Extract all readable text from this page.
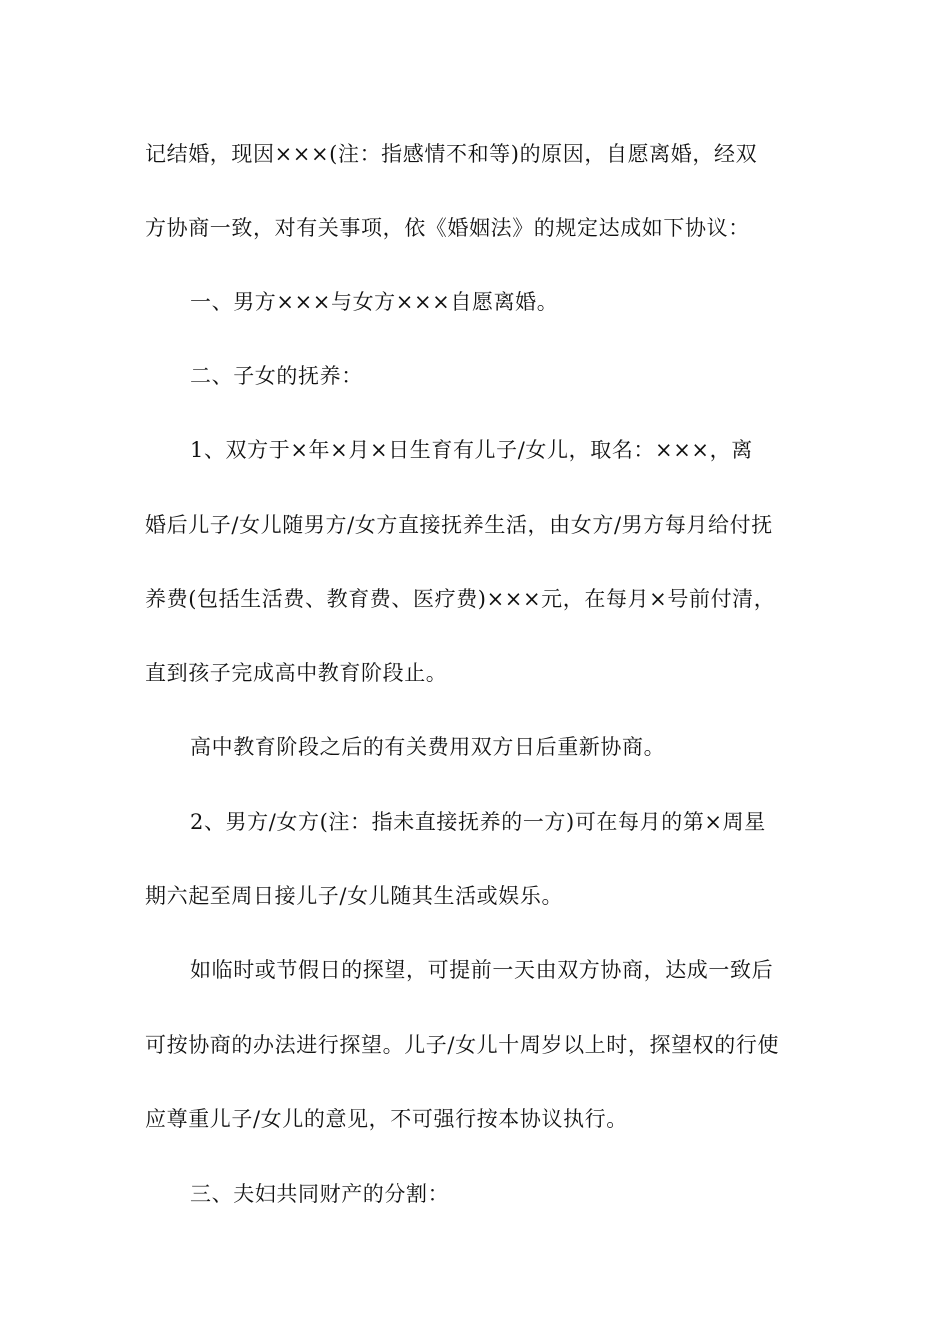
记结婚，现因×××(注：指感情不和等)的原因，自愿离婚，经双
方协商一致，对有关事项，依《婚姻法》的规定达成如下协议：
一、男方×××与女方×××自愿离婚。
二、子女的抚养：
1、双方于×年×月×日生育有儿子/女儿，取名：×××，离
婚后儿子/女儿随男方/女方直接抚养生活，由女方/男方每月给付抚
养费(包括生活费、教育费、医疗费)×××元，在每月×号前付清，
直到孩子完成高中教育阶段止。
高中教育阶段之后的有关费用双方日后重新协商。
2、男方/女方(注：指未直接抚养的一方)可在每月的第×周星
期六起至周日接儿子/女儿随其生活或娱乐。
如临时或节假日的探望，可提前一天由双方协商，达成一致后
可按协商的办法进行探望。儿子/女儿十周岁以上时，探望权的行使
应尊重儿子/女儿的意见，不可强行按本协议执行。
三、夫妇共同财产的分割：
